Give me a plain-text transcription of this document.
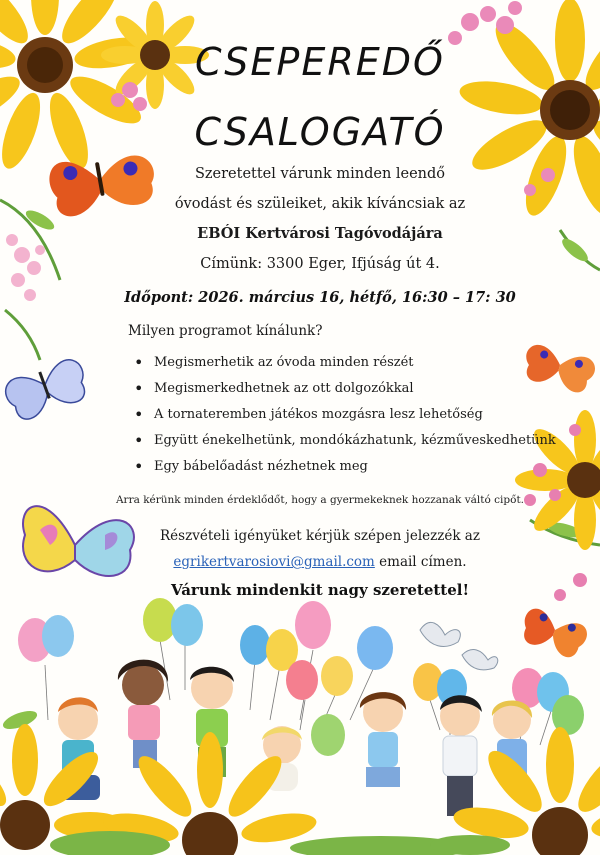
CSEPEREDŐ
CSALOGATÓ
Szeretettel várunk minden leendő
óvodást és szüleiket, akik kíváncsiak az
EBÓI Kertvárosi Tagóvodájára
Címünk: 3300 Eger, Ifjúság út 4.
Időpont: 2026. március 16, hétfő, 16:30 – 17: 30
Milyen programot kínálunk?
• Megismerhetik az óvoda minden részét
• Megismerkedhetnek az ott dolgozókkal
• A tornateremben játékos mozgásra lesz lehetőség
• Együtt énekelhetünk, mondókázhatunk, kézműveskedhetünk
• Egy bábelőadást nézhetnek meg
Arra kérünk minden érdeklődőt, hogy a gyermekeknek hozzanak váltó cipőt.
Részvételi igényüket kérjük szépen jelezzék az
egrikertvarosiovi@gmail.com email címen.
Várunk mindenkit nagy szeretettel!
